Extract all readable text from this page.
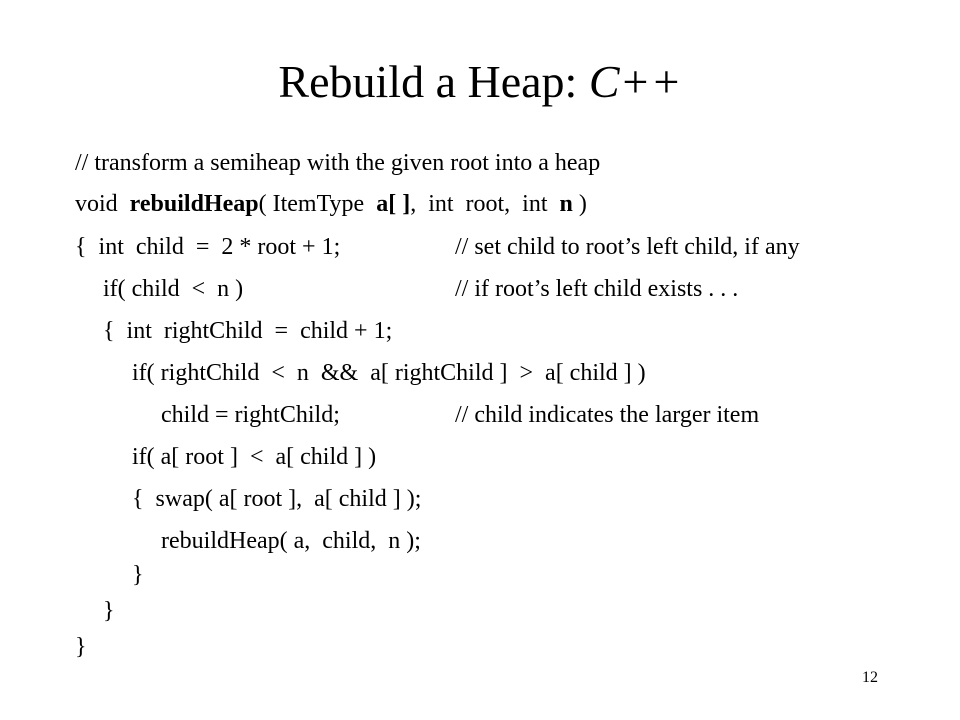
Rebuild a Heap: C++
// transform a semiheap with the given root into a heap
void  rebuildHeap( ItemType  a[ ],  int  root,  int  n )
{  int  child  =  2 * root + 1;	// set child to root’s left child, if any
if( child  <  n )	// if root’s left child exists . . .
{  int  rightChild  =  child + 1;
if( rightChild  <  n  &&  a[ rightChild ]  >  a[ child ] )
child = rightChild;	// child indicates the larger item
if( a[ root ]  <  a[ child ] )
{  swap( a[ root ],  a[ child ] );
rebuildHeap( a,  child,  n );
}
}
}
12
